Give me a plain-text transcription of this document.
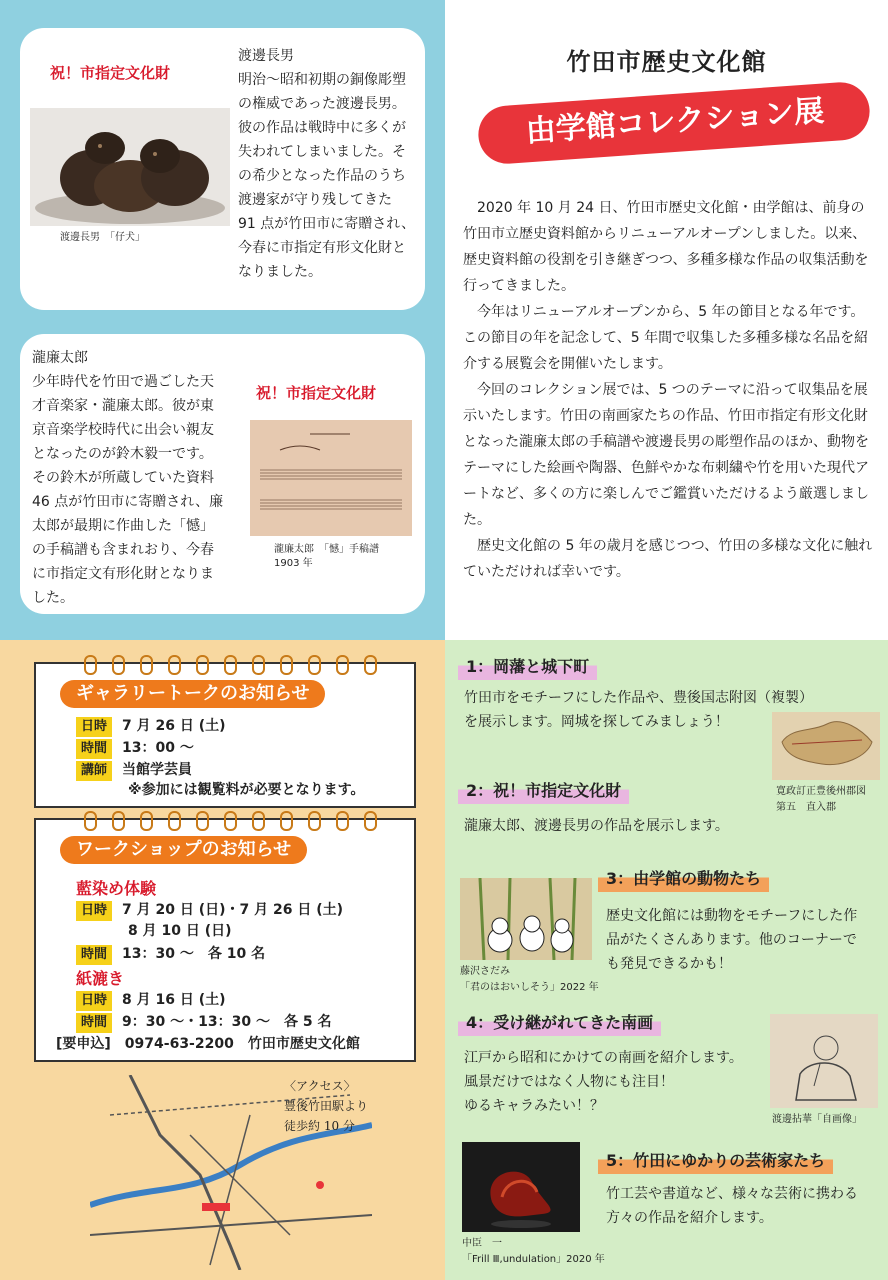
祝！市指定文化財
渡邊長男　「仔犬」
渡邊長男

明治～昭和初期の銅像彫塑

の権威であった渡邊長男。

彼の作品は戦時中に多くが

失われてしまいました。そ

の希少となった作品のうち

渡邊家が守り残してきた

91 点が竹田市に寄贈され、

今春に市指定有形文化財と

なりました。

瀧廉太郎

少年時代を竹田で過ごした天

才音楽家・瀧廉太郎。彼が東

京音楽学校時代に出会い親友

となったのが鈴木毅一です。

その鈴木が所蔵していた資料

46 点が竹田市に寄贈され、廉

太郎が最期に作曲した「憾」

の手稿譜も含まれおり、今春

に市指定文有形化財となりま

した。

祝！市指定文化財
瀧廉太郎　「憾」手稿譜
1903 年
竹田市歴史文化館
由学館コレクション展

2020 年 10 月 24 日、竹田市歴史文化館・由学館は、前身の竹田市立歴史資料館からリニューアルオープンしました。以来、歴史資料館の役割を引き継ぎつつ、多種多様な作品の収集活動を行ってきました。

今年はリニューアルオープンから、5 年の節目となる年です。この節目の年を記念して、5 年間で収集した多種多様な名品を紹介する展覧会を開催いたします。

今回のコレクション展では、5 つのテーマに沿って収集品を展示いたします。竹田の南画家たちの作品、竹田市指定有形文化財となった瀧廉太郎の手稿譜や渡邊長男の彫塑作品のほか、動物をテーマにした絵画や陶器、色鮮やかな布刺繍や竹を用いた現代アートなど、多くの方に楽しんでご鑑賞いただけるよう厳選しました。

歴史文化館の 5 年の歳月を感じつつ、竹田の多様な文化に触れていただければ幸いです。

ギャラリートークのお知らせ
日時 7 月 26 日 (土)
時間 13：00 ～
講師 当館学芸員
※参加には観覧料が必要となります。
ワークショップのお知らせ
藍染め体験
日時 7 月 20 日 (日)・7 月 26 日 (土)
8 月 10 日 (日)
時間 13：30 ～　各 10 名
紙漉き
日時 8 月 16 日 (土)
時間 9：30 ～・13：30 ～　各 5 名
[要申込]　0974-63-2200　竹田市歴史文化館
〈アクセス〉
豊後竹田駅より
徒歩約 10 分
1：岡藩と城下町
竹田市をモチーフにした作品や、豊後国志附図（複製）
を展示します。岡城を探してみましょう！
寛政訂正豊後州郡図
第五　直入郡
2：祝！市指定文化財
瀧廉太郎、渡邊長男の作品を展示します。
藤沢さだみ
「君のはおいしそう」2022 年
3：由学館の動物たち
歴史文化館には動物をモチーフにした作
品がたくさんあります。他のコーナーで
も発見できるかも！
4：受け継がれてきた南画
江戸から昭和にかけての南画を紹介します。
風景だけではなく人物にも注目！
ゆるキャラみたい！？
渡邊拈華「自画像」
中臣　一
「Frill Ⅲ,undulation」2020 年
5：竹田にゆかりの芸術家たち
竹工芸や書道など、様々な芸術に携わる
方々の作品を紹介します。
